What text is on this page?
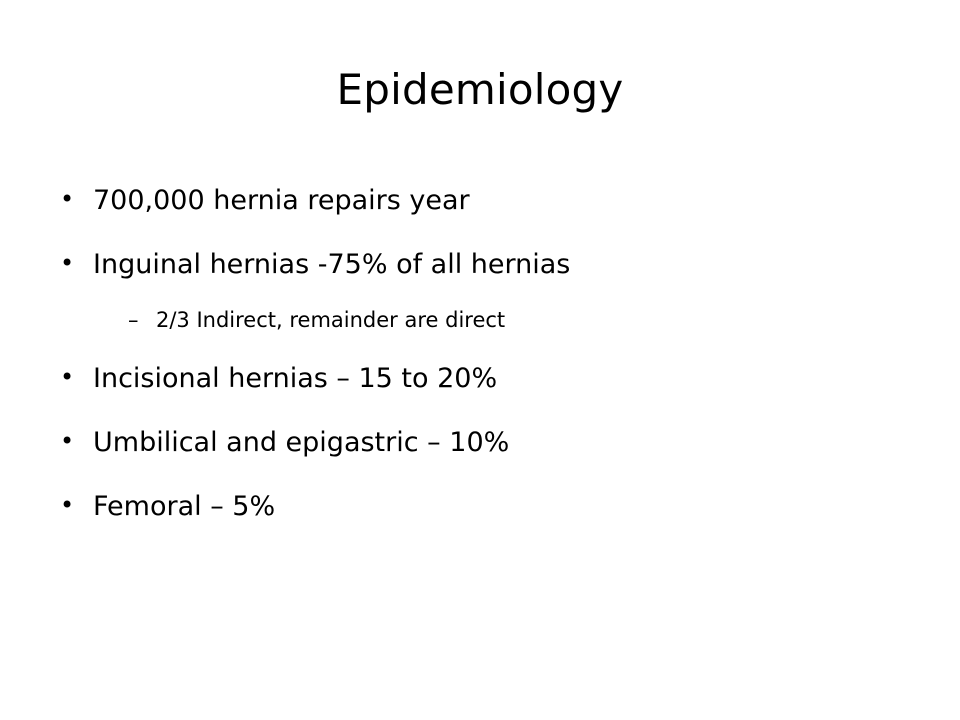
Epidemiology
• 700,000 hernia repairs year
• Inguinal hernias -75% of all hernias
– 2/3 Indirect, remainder are direct
• Incisional hernias – 15 to 20%
• Umbilical and epigastric – 10%
• Femoral – 5%
